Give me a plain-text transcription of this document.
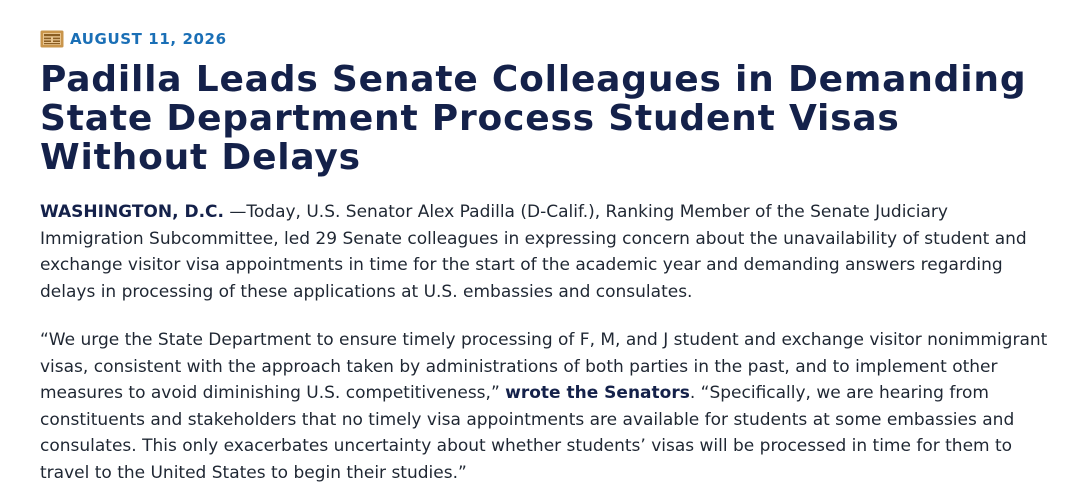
AUGUST 11, 2026
Padilla Leads Senate Colleagues in Demanding State Department Process Student Visas Without Delays

WASHINGTON, D.C. —Today, U.S. Senator Alex Padilla (D-Calif.), Ranking Member of the Senate Judiciary Immigration Subcommittee, led 29 Senate colleagues in expressing concern about the unavailability of student and exchange visitor visa appointments in time for the start of the academic year and demanding answers regarding delays in processing of these applications at U.S. embassies and consulates.

“We urge the State Department to ensure timely processing of F, M, and J student and exchange visitor nonimmigrant visas, consistent with the approach taken by administrations of both parties in the past, and to implement other measures to avoid diminishing U.S. competitiveness,” wrote the Senators. “Specifically, we are hearing from constituents and stakeholders that no timely visa appointments are available for students at some embassies and consulates. This only exacerbates uncertainty about whether students’ visas will be processed in time for them to travel to the United States to begin their studies.”
